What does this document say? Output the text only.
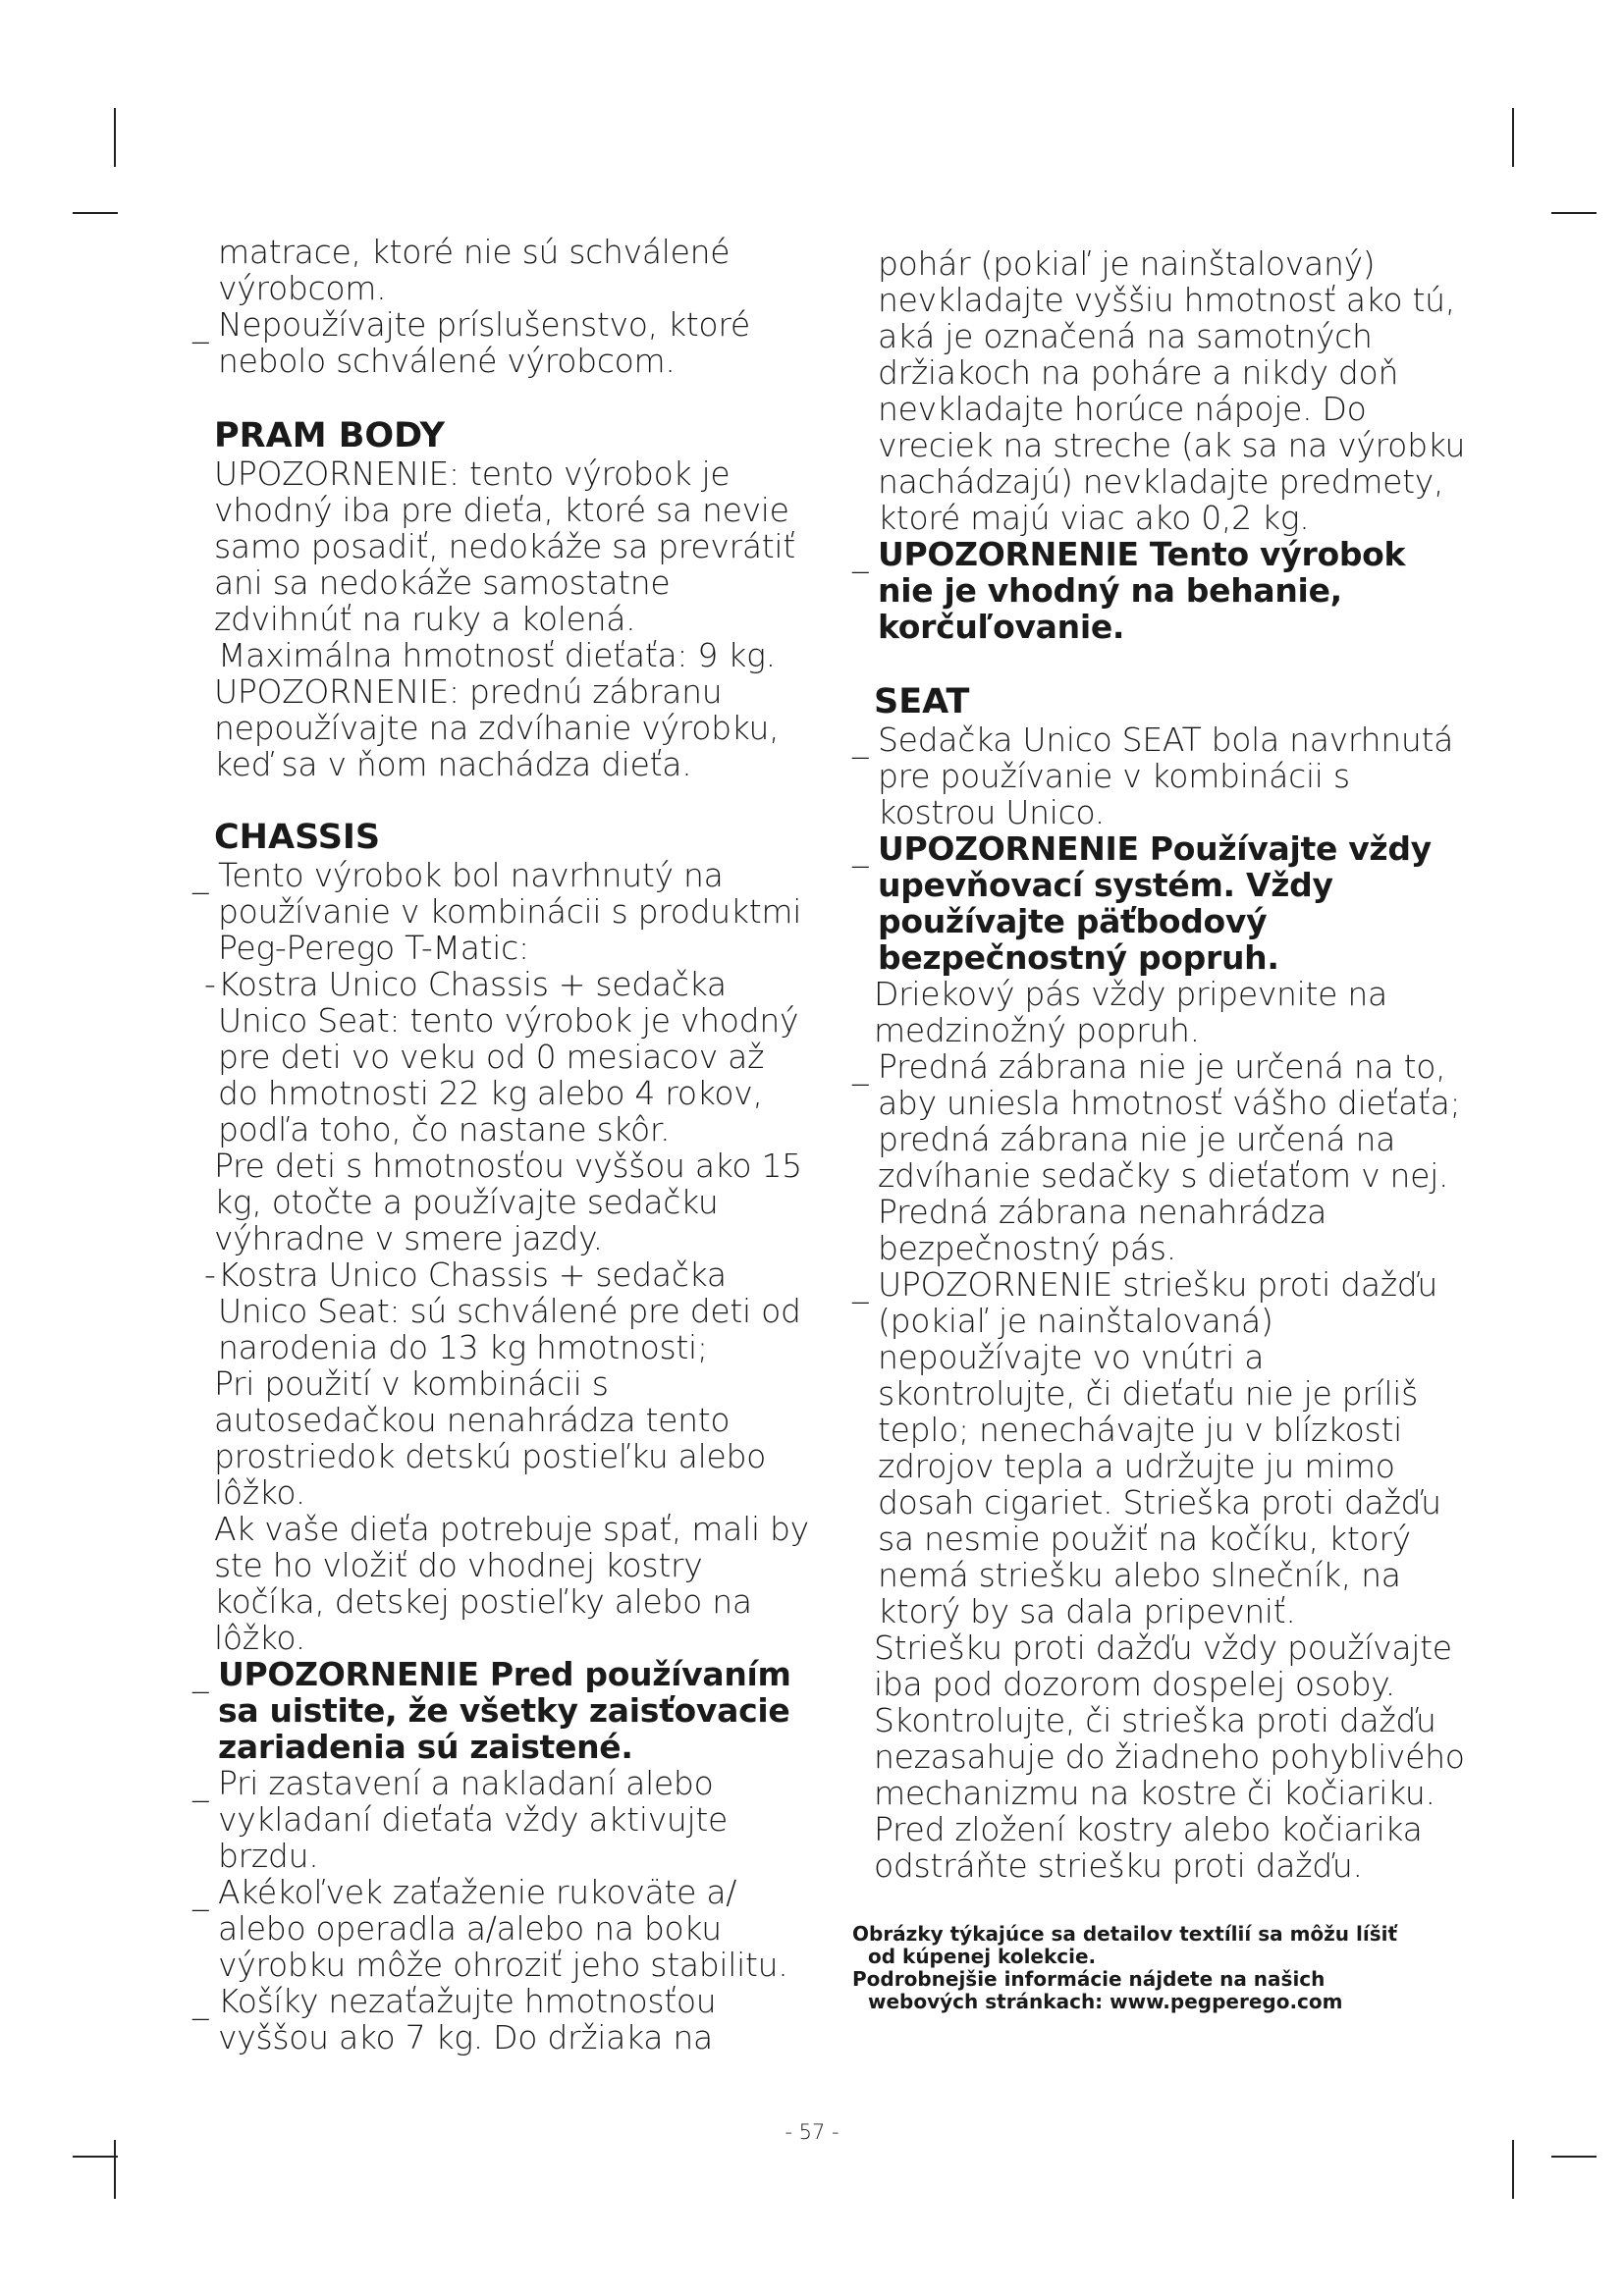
matrace, ktoré nie sú schválené výrobcom.

_ Nepoužívajte príslušenstvo, ktoré nebolo schválené výrobcom.

PRAM BODY

UPOZORNENIE: tento výrobok je vhodný iba pre dieťa, ktoré sa nevie samo posadiť, nedokáže sa prevrátiť ani sa nedokáže samostatne zdvihnúť na ruky a kolená.

Maximálna hmotnosť dieťaťa: 9 kg.

UPOZORNENIE: prednú zábranu nepoužívajte na zdvíhanie výrobku, keď sa v ňom nachádza dieťa.

CHASSIS

_ Tento výrobok bol navrhnutý na používanie v kombinácii s produktmi Peg-Perego T-Matic:

- Kostra Unico Chassis + sedačka Unico Seat: tento výrobok je vhodný pre deti vo veku od 0 mesiacov až do hmotnosti 22 kg alebo 4 rokov, podľa toho, čo nastane skôr.

Pre deti s hmotnosťou vyššou ako 15 kg, otočte a používajte sedačku výhradne v smere jazdy.

- Kostra Unico Chassis + sedačka Unico Seat: sú schválené pre deti od narodenia do 13 kg hmotnosti;

Pri použití v kombinácii s autosedačkou nenahrádza tento prostriedok detskú postieľku alebo lôžko.

Ak vaše dieťa potrebuje spať, mali by ste ho vložiť do vhodnej kostry kočíka, detskej postieľky alebo na lôžko.

_ UPOZORNENIE Pred používaním sa uistite, že všetky zaisťovacie zariadenia sú zaistené.

_ Pri zastavení a nakladaní alebo vykladaní dieťaťa vždy aktivujte brzdu.

_ Akékoľvek zaťaženie rukoväte a/ alebo operadla a/alebo na boku výrobku môže ohroziť jeho stabilitu.

_ Košíky nezaťažujte hmotnosťou vyššou ako 7 kg. Do držiaka na

pohár (pokiaľ je nainštalovaný) nevkladajte vyššiu hmotnosť ako tú, aká je označená na samotných držiakoch na poháre a nikdy doň nevkladajte horúce nápoje. Do vreciek na streche (ak sa na výrobku nachádzajú) nevkladajte predmety, ktoré majú viac ako 0,2 kg.

_ UPOZORNENIE Tento výrobok nie je vhodný na behanie, korčuľovanie.

SEAT

_ Sedačka Unico SEAT bola navrhnutá pre používanie v kombinácii s kostrou Unico.

_ UPOZORNENIE Používajte vždy upevňovací systém. Vždy používajte päťbodový bezpečnostný popruh.

Driekový pás vždy pripevnite na medzinožný popruh.

_ Predná zábrana nie je určená na to, aby uniesla hmotnosť vášho dieťaťa; predná zábrana nie je určená na zdvíhanie sedačky s dieťaťom v nej. Predná zábrana nenahrádza bezpečnostný pás.

_ UPOZORNENIE striešku proti dažďu (pokiaľ je nainštalovaná) nepoužívajte vo vnútri a skontrolujte, či dieťaťu nie je príliš teplo; nenechávajte ju v blízkosti zdrojov tepla a udržujte ju mimo dosah cigariet. Strieška proti dažďu sa nesmie použiť na kočíku, ktorý nemá striešku alebo slnečník, na ktorý by sa dala pripevniť.

Striešku proti dažďu vždy používajte iba pod dozorom dospelej osoby. Skontrolujte, či strieška proti dažďu nezasahuje do žiadneho pohyblivého mechanizmu na kostre či kočiariku. Pred zložení kostry alebo kočiarika odstráňte striešku proti dažďu.

Obrázky týkajúce sa detailov textílií sa môžu líšiť
od kúpenej kolekcie.
Podrobnejšie informácie nájdete na našich
webových stránkach: www.pegperego.com
- 57 -
